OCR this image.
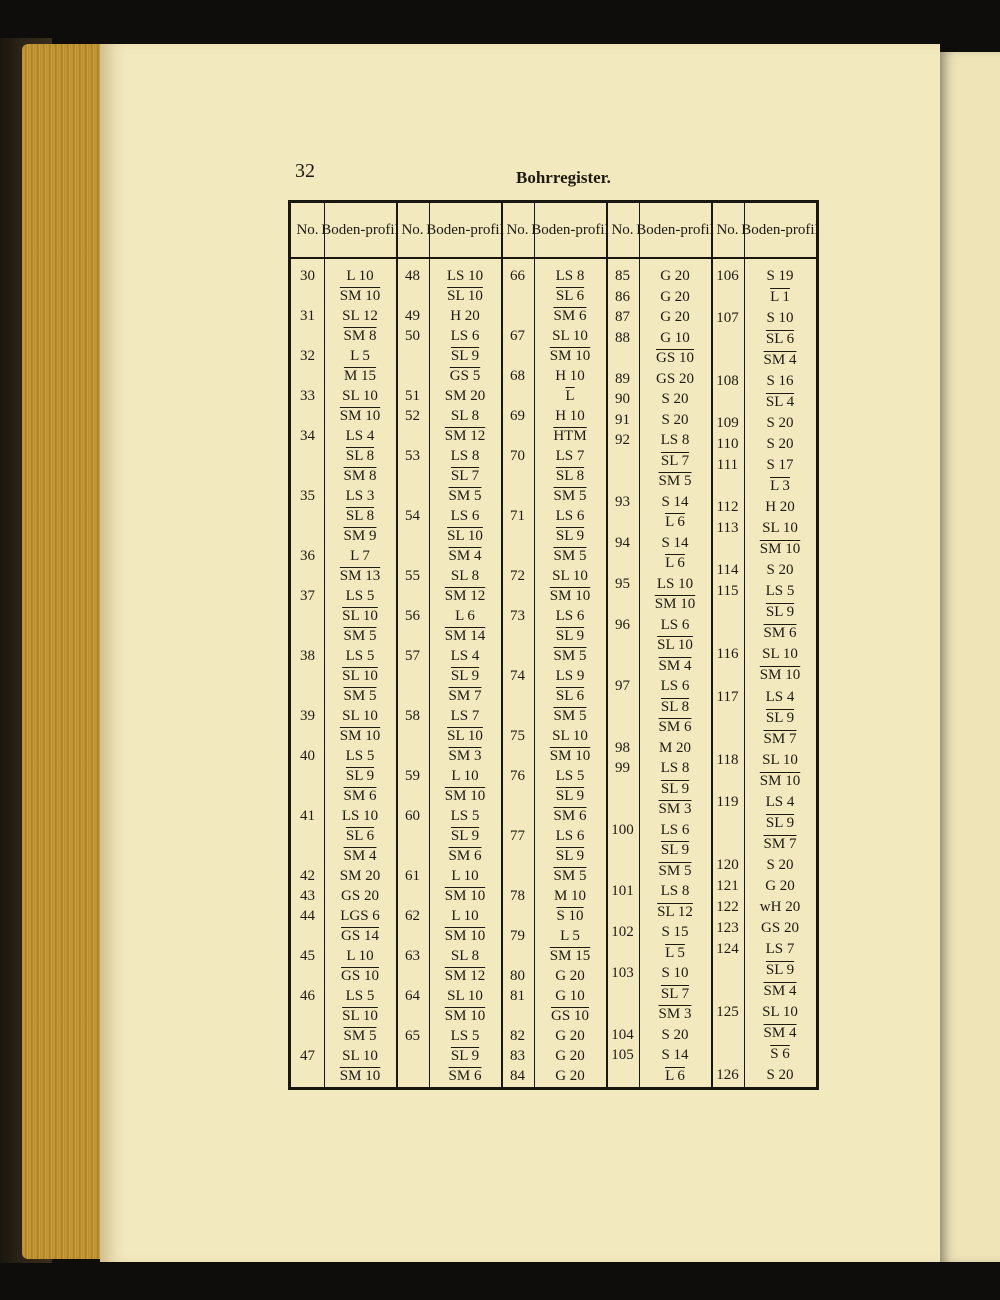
32	Bohrregister.
No. Boden- profil
30	L 10
SM 10
31	SL 12
SM 8
32	L 5
M 15
33	SL 10
SM 10
34	LS 4
SL 8
SM 8
35	LS 3
SL 8
SM 9
36	L 7
SM 13
37	LS 5
SL 10
SM 5
38	LS 5
SL 10
SM 5
39	SL 10
SM 10
40	LS 5
SL 9
SM 6
41	LS 10
SL 6
SM 4
42	SM 20
43	GS 20
44	LGS 6
GS 14
45	L 10
GS 10
46	LS 5
SL 10
SM 5
47	SL 10
SM 10
No. Boden- profil
48	LS 10
SL 10
49	H 20
50	LS 6
SL 9
GS 5
51	SM 20
52	SL 8
SM 12
53	LS 8
SL 7
SM 5
54	LS 6
SL 10
SM 4
55	SL 8
SM 12
56	L 6
SM 14
57	LS 4
SL 9
SM 7
58	LS 7
SL 10
SM 3
59	L 10
SM 10
60	LS 5
SL 9
SM 6
61	L 10
SM 10
62	L 10
SM 10
63	SL 8
SM 12
64	SL 10
SM 10
65	LS 5
SL 9
SM 6
No. Boden- profil
66	LS 8
SL 6
SM 6
67	SL 10
SM 10
68	H 10
$\overline{L}$
69	H 10
$\overline{HTM}$
70	LS 7
SL 8
SM 5
71	LS 6
SL 9
SM 5
72	SL 10
SM 10
73	LS 6
SL 9
SM 5
74	LS 9
SL 6
SM 5
75	SL 10
SM 10
76	LS 5
SL 9
SM 6
77	LS 6
SL 9
SM 5
78	M 10
S 10
79	L 5
SM 15
80	G 20
81	G 10
GS 10
82	G 20
83	G 20
84	G 20
No. Boden- profil
85	G 20
86	G 20
87	G 20
88	G 10
GS 10
89	GS 20
90	S 20
91	S 20
92	LS 8
SL 7
SM 5
93	S 14
L 6
94	S 14
L 6
95	LS 10
SM 10
96	LS 6
SL 10
SM 4
97	LS 6
SL 8
SM 6
98	M 20
99	LS 8
SL 9
SM 3
100	LS 6
SL 9
SM 5
101	LS 8
SL 12
102	S 15
L 5
103	S 10
SL 7
SM 3
104	S 20
105	S 14
L 6
No. Boden- profil
106	S 19
L 1
107	S 10
SL 6
SM 4
108	S 16
SL 4
109	S 20
110	S 20
111	S 17
L 3
112	H 20
113	SL 10
SM 10
114	S 20
115	LS 5
SL 9
SM 6
116	SL 10
SM 10
117	LS 4
SL 9
SM 7
118	SL 10
SM 10
119	LS 4
SL 9
SM 7
120	S 20
121	G 20
122	wH 20
123	GS 20
124	LS 7
SL 9
SM 4
125	SL 10
SM 4
S 6
126	S 20
